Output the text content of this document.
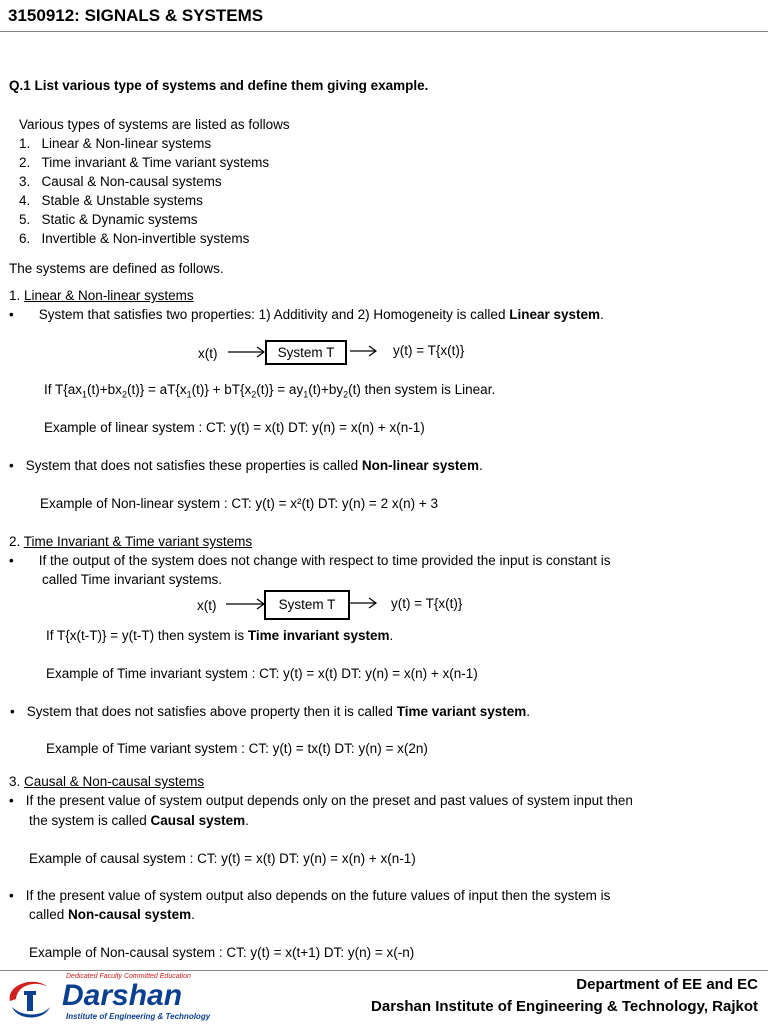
3150912: SIGNALS & SYSTEMS
Q.1 List various type of systems and define them giving example.
Various types of systems are listed as follows
1.   Linear & Non-linear systems
2.   Time invariant & Time variant systems
3.   Causal & Non-causal systems
4.   Stable & Unstable systems
5.   Static & Dynamic systems
6.   Invertible & Non-invertible systems
The systems are defined as follows.
1. Linear & Non-linear systems
• System that satisfies two properties: 1) Additivity and 2) Homogeneity is called Linear system.
x(t)	System T	y(t) = T{x(t)}
If $T\{ax_1(t)+bx_2(t)\} = aT\{x_1(t)\} + bT\{x_2(t)\} = ay_1(t)+by_2(t)$ then system is Linear.
Example of linear system : CT: y(t) = x(t) DT: y(n) = x(n) + x(n-1)
• System that does not satisfies these properties is called Non-linear system.
Example of Non-linear system : CT: y(t) = x²(t) DT: y(n) = 2 x(n) + 3
2. Time Invariant & Time variant systems
• If the output of the system does not change with respect to time provided the input is constant is
called Time invariant systems.
x(t)	System T	y(t) = T{x(t)}
If T{x(t-T)} = y(t-T) then system is Time invariant system.
Example of Time invariant system : CT: y(t) = x(t) DT: y(n) = x(n) + x(n-1)
• System that does not satisfies above property then it is called Time variant system.
Example of Time variant system : CT: y(t) = tx(t) DT: y(n) = x(2n)
3. Causal & Non-causal systems
• If the present value of system output depends only on the preset and past values of system input then
the system is called Causal system.
Example of causal system : CT: y(t) = x(t) DT: y(n) = x(n) + x(n-1)
• If the present value of system output also depends on the future values of input then the system is
called Non-causal system.
Example of Non-causal system : CT: y(t) = x(t+1) DT: y(n) = x(-n)
Dedicated Faculty Committed Education
Darshan
Institute of Engineering & Technology
Department of EE and EC
Darshan Institute of Engineering & Technology, Rajkot
